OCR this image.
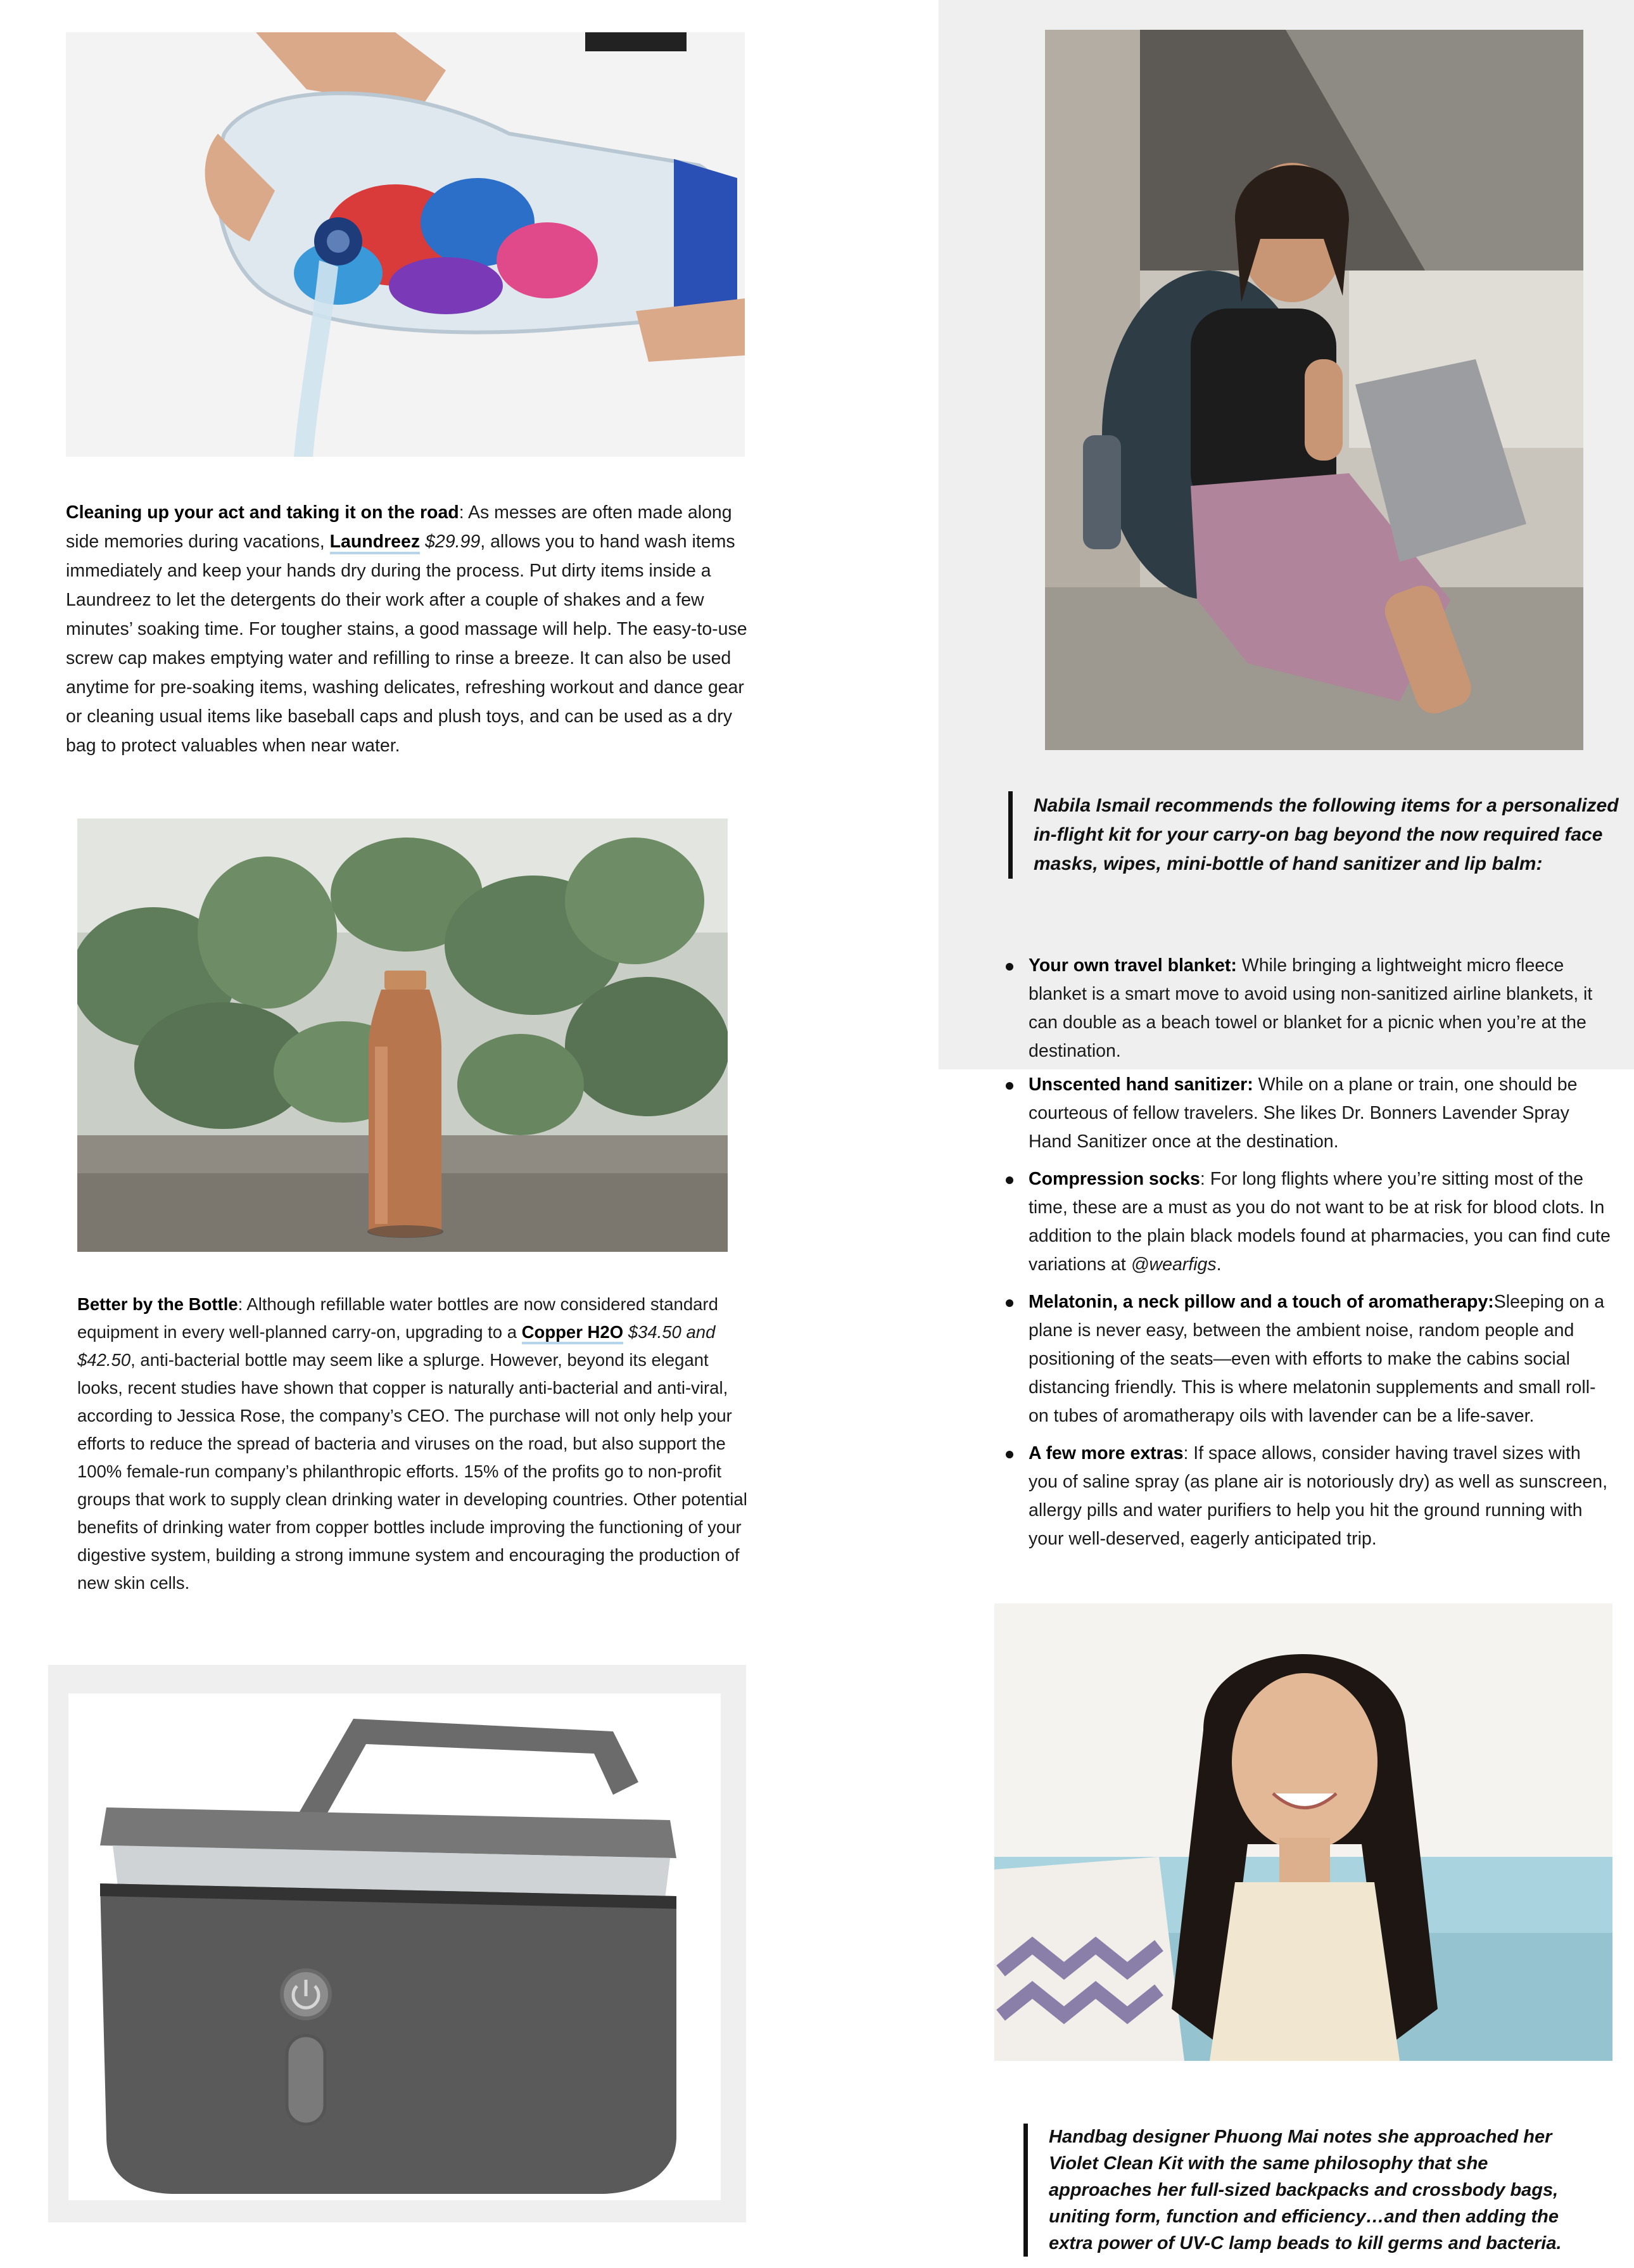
Cleaning up your act and taking it on the road: As messes are often made along side memories during vacations, Laundreez $29.99, allows you to hand wash items immediately and keep your hands dry during the process. Put dirty items inside a Laundreez to let the detergents do their work after a couple of shakes and a few minutes’ soaking time. For tougher stains, a good massage will help. The easy-to-use screw cap makes emptying water and refilling to rinse a breeze. It can also be used anytime for pre-soaking items, washing delicates, refreshing workout and dance gear or cleaning usual items like baseball caps and plush toys, and can be used as a dry bag to protect valuables when near water.

Better by the Bottle: Although refillable water bottles are now considered standard equipment in every well-planned carry-on, upgrading to a Copper H2O $34.50 and $42.50, anti-bacterial bottle may seem like a splurge. However, beyond its elegant looks, recent studies have shown that copper is naturally anti-bacterial and anti-viral, according to Jessica Rose, the company’s CEO. The purchase will not only help your efforts to reduce the spread of bacteria and viruses on the road, but also support the 100% female-run company’s philanthropic efforts. 15% of the profits go to non-profit groups that work to supply clean drinking water in developing countries. Other potential benefits of drinking water from copper bottles include improving the functioning of your digestive system, building a strong immune system and encouraging the production of new skin cells.

Nabila Ismail recommends the following items for a personalized in-flight kit for your carry-on bag beyond the now required face masks, wipes, mini-bottle of hand sanitizer and lip balm:
Your own travel blanket: While bringing a lightweight micro fleece blanket is a smart move to avoid using non-sanitized airline blankets, it can double as a beach towel or blanket for a picnic when you’re at the destination.
Unscented hand sanitizer: While on a plane or train, one should be courteous of fellow travelers. She likes Dr. Bonners Lavender Spray Hand Sanitizer once at the destination.
Compression socks: For long flights where you’re sitting most of the time, these are a must as you do not want to be at risk for blood clots. In addition to the plain black models found at pharmacies, you can find cute variations at @wearfigs.
Melatonin, a neck pillow and a touch of aromatherapy:Sleeping on a plane is never easy, between the ambient noise, random people and positioning of the seats—even with efforts to make the cabins social distancing friendly. This is where melatonin supplements and small roll-on tubes of aromatherapy oils with lavender can be a life-saver.
A few more extras: If space allows, consider having travel sizes with you of saline spray (as plane air is notoriously dry) as well as sunscreen, allergy pills and water purifiers to help you hit the ground running with your well-deserved, eagerly anticipated trip.
Handbag designer Phuong Mai notes she approached her Violet Clean Kit with the same philosophy that she approaches her full-sized backpacks and crossbody bags, uniting form, function and efficiency…and then adding the extra power of UV-C lamp beads to kill germs and bacteria.
